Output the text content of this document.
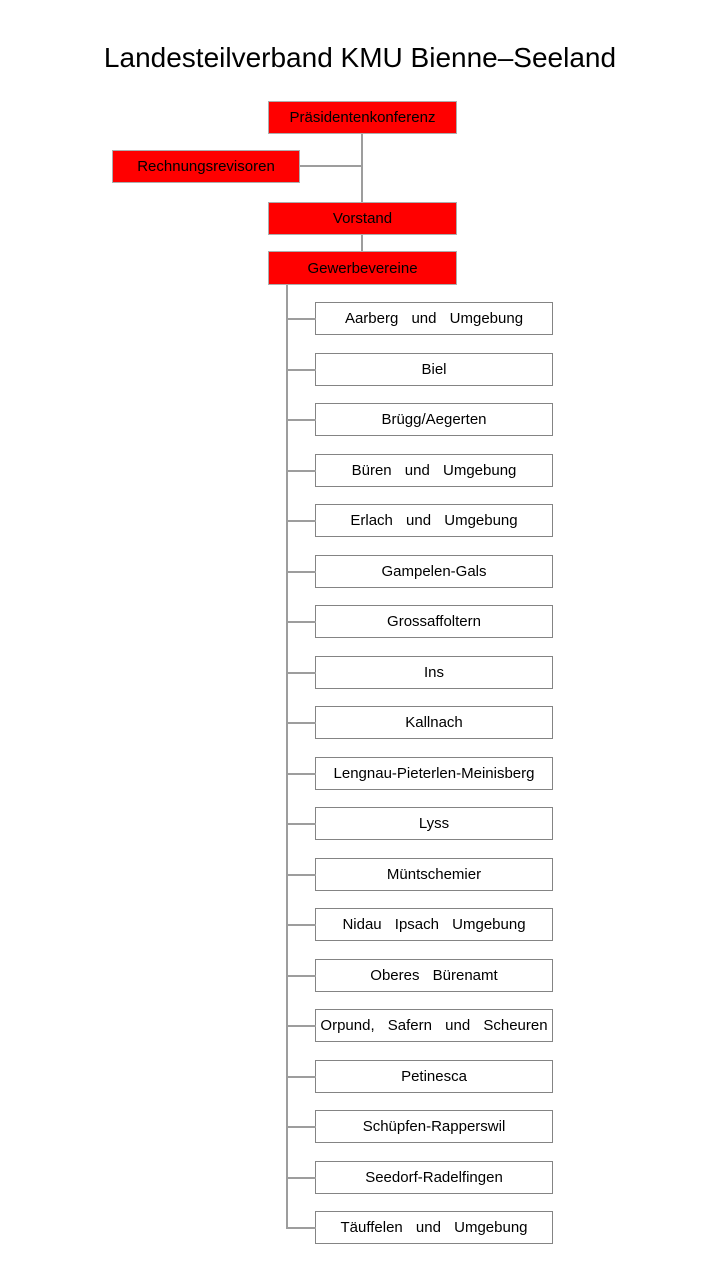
Landesteilverband KMU Bienne–Seeland
Präsidentenkonferenz
Rechnungsrevisoren
Vorstand
Gewerbevereine
Aarberg und Umgebung
Biel
Brügg/Aegerten
Büren und Umgebung
Erlach und Umgebung
Gampelen-Gals
Grossaffoltern
Ins
Kallnach
Lengnau-Pieterlen-Meinisberg
Lyss
Müntschemier
Nidau Ipsach Umgebung
Oberes Bürenamt
Orpund, Safern und Scheuren
Petinesca
Schüpfen-Rapperswil
Seedorf-Radelfingen
Täuffelen und Umgebung
